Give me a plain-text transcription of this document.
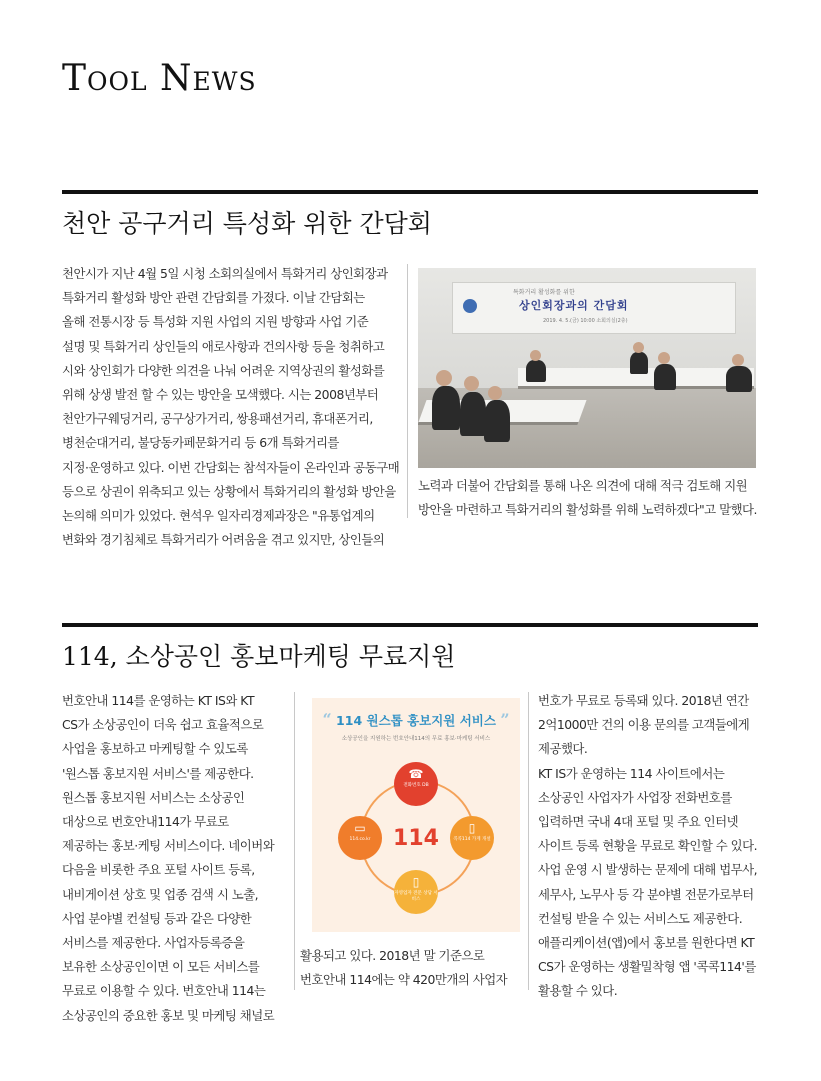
Tool News
천안 공구거리 특성화 위한 간담회

천안시가 지난 4월 5일 시청 소회의실에서 특화거리 상인회장과

특화거리 활성화 방안 관련 간담회를 가졌다. 이날 간담회는

올해 전통시장 등 특성화 지원 사업의 지원 방향과 사업 기준

설명 및 특화거리 상인들의 애로사항과 건의사항 등을 청취하고

시와 상인회가 다양한 의견을 나눠 어려운 지역상권의 활성화를

위해 상생 발전 할 수 있는 방안을 모색했다. 시는 2008년부터

천안가구웨딩거리, 공구상가거리, 쌍용패션거리, 휴대폰거리,

병천순대거리, 불당동카페문화거리 등 6개 특화거리를

지정·운영하고 있다. 이번 간담회는 참석자들이 온라인과 공동구매

등으로 상권이 위축되고 있는 상황에서 특화거리의 활성화 방안을

논의해 의미가 있었다. 현석우 일자리경제과장은 "유통업계의

변화와 경기침체로 특화거리가 어려움을 겪고 있지만, 상인들의

특화거리 활성화를 위한
상인회장과의 간담회
2019. 4. 5.(금) 10:00 소회의실(2층)

노력과 더불어 간담회를 통해 나온 의견에 대해 적극 검토해 지원

방안을 마련하고 특화거리의 활성화를 위해 노력하겠다"고 말했다.

114, 소상공인 홍보마케팅 무료지원

번호안내 114를 운영하는 KT IS와 KT

CS가 소상공인이 더욱 쉽고 효율적으로

사업을 홍보하고 마케팅할 수 있도록

'원스톱 홍보지원 서비스'를 제공한다.

원스톱 홍보지원 서비스는 소상공인

대상으로 번호안내114가 무료로

제공하는 홍보·케팅 서비스이다. 네이버와

다음을 비롯한 주요 포털 사이트 등록,

내비게이션 상호 및 업종 검색 시 노출,

사업 분야별 컨설팅 등과 같은 다양한

서비스를 제공한다. 사업자등록증을

보유한 소상공인이면 이 모든 서비스를

무료로 이용할 수 있다. 번호안내 114는

소상공인의 중요한 홍보 및 마케팅 채널로

“ 114 원스톱 홍보지원 서비스 ”
소상공인을 지원하는 번호안내114의 무료 홍보·마케팅 서비스
114
☎
전화번호 DB
▭
114.co.kr
▯
콕콕114 가게 개설
▯
자영업자 전문 상담 서비스

활용되고 있다. 2018년 말 기준으로

번호안내 114에는 약 420만개의 사업자

번호가 무료로 등록돼 있다. 2018년 연간

2억1000만 건의 이용 문의를 고객들에게

제공했다.

KT IS가 운영하는 114 사이트에서는

소상공인 사업자가 사업장 전화번호를

입력하면 국내 4대 포털 및 주요 인터넷

사이트 등록 현황을 무료로 확인할 수 있다.

사업 운영 시 발생하는 문제에 대해 법무사,

세무사, 노무사 등 각 분야별 전문가로부터

컨설팅 받을 수 있는 서비스도 제공한다.

애플리케이션(앱)에서 홍보를 원한다면 KT

CS가 운영하는 생활밀착형 앱 '콕콕114'를

활용할 수 있다.
